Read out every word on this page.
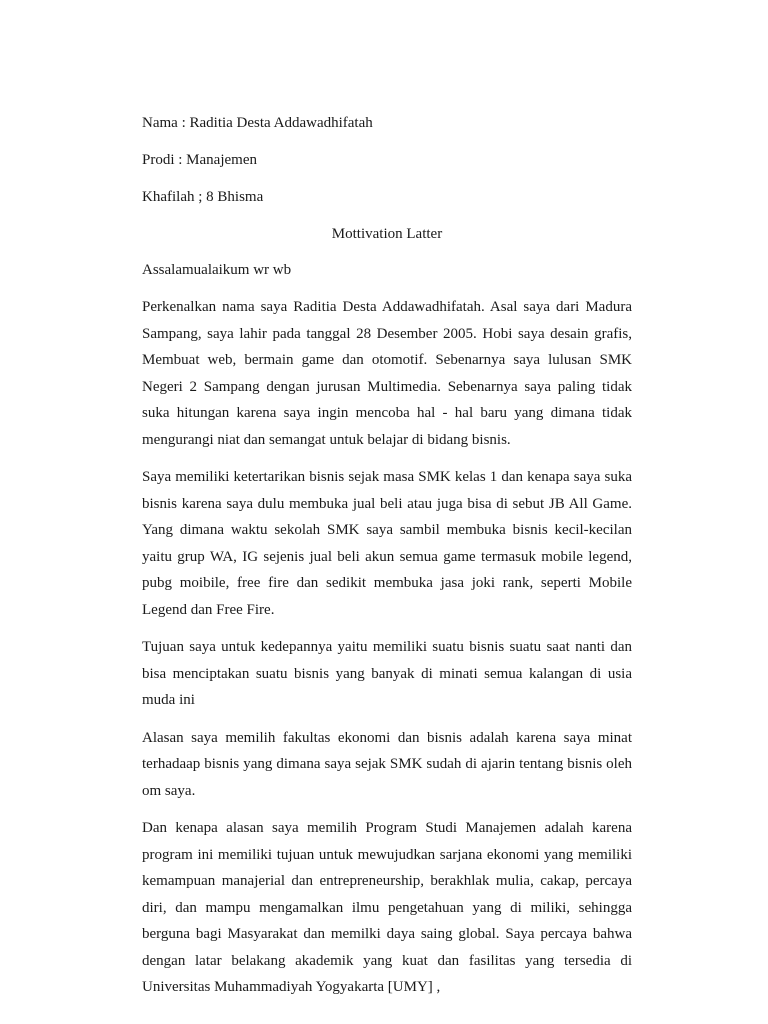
Nama : Raditia Desta Addawadhifatah

Prodi : Manajemen

Khafilah ; 8 Bhisma

Mottivation Latter

Assalamualaikum wr wb

Perkenalkan nama saya Raditia Desta Addawadhifatah. Asal saya dari Madura Sampang, saya lahir pada tanggal 28 Desember 2005. Hobi saya desain grafis, Membuat web, bermain game dan otomotif. Sebenarnya saya lulusan SMK Negeri 2 Sampang dengan jurusan Multimedia. Sebenarnya saya paling tidak suka hitungan karena saya ingin mencoba hal - hal baru yang dimana tidak mengurangi niat dan semangat untuk belajar di bidang bisnis.

Saya memiliki ketertarikan bisnis sejak masa SMK kelas 1 dan kenapa saya suka bisnis karena saya dulu membuka jual beli atau juga bisa di sebut JB All Game. Yang dimana waktu sekolah SMK saya sambil membuka bisnis kecil-kecilan yaitu grup WA, IG sejenis jual beli akun semua game termasuk mobile legend, pubg moibile, free fire dan sedikit membuka jasa joki rank, seperti Mobile Legend dan Free Fire.

Tujuan saya untuk kedepannya yaitu memiliki suatu bisnis suatu saat nanti dan bisa menciptakan suatu bisnis yang banyak di minati semua kalangan di usia muda ini

Alasan saya memilih fakultas ekonomi dan bisnis adalah karena saya minat terhadaap bisnis yang dimana saya sejak SMK sudah di ajarin tentang bisnis oleh om saya.

Dan kenapa alasan saya memilih Program Studi Manajemen adalah karena program ini memiliki tujuan untuk mewujudkan sarjana ekonomi yang memiliki kemampuan manajerial dan entrepreneurship, berakhlak mulia, cakap, percaya diri, dan mampu mengamalkan ilmu pengetahuan yang di miliki, sehingga berguna bagi Masyarakat dan memilki daya saing global. Saya percaya bahwa dengan latar belakang akademik yang kuat dan fasilitas yang tersedia di Universitas Muhammadiyah Yogyakarta [UMY] ,
